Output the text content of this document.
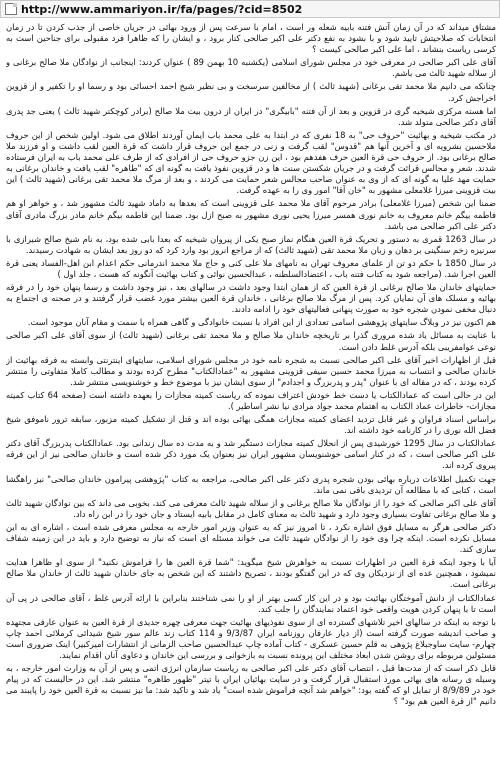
http://www.ammariyon.ir/fa/pages/?cid=8502

مشتاق میداند که در آن زمان آتش فتنه بابیه شعله ور است ، امام با سرعت پس از ورود بهائی در جریان خاصی از جذب کردن تا در زمان انتخابات که صلاحیتش تایید شود و با بشود به نفع دکتر علی اکبر صالحی کنار برود ، و ایشان را که ظاهرا فرد مقبولی برای جناحین است به کرسی ریاست بنشاند ، اما علی اکبر صالحی کیست ؟

آقای علی اکبر صالحی در معرفی خود در مجلس شورای اسلامی (یکشنبه 10 بهمن 89 ) عنوان کردند: اینجانب از نوادگان ملا صالح برغانی و از سلاله شهید ثالث می باشم.

چنانکه می دانیم ملا محمد تقی برغانی (شهید ثالث ) از مخالفین سرسخت و بی نظیر شیخ احمد احسائی بود و رسما او را تکفیر و از قزوین اخراجش کرد.

اما هسته مرکزی شیخیه گری در قزوین و بعد از آن فتنه "بابیگری" در ایران از درون بیت ملا صالح (برادر کوچکتر شهید ثالث ) یعنی جد پدری آقای دکتر صالحی متولد شد.

در مکتب شیخیه و بهائیت "حروف حی" به 18 نفری که در ابتدا به علی محمد باب ایمان آوردند اطلاق می شود. اولین شخص از این حروف ملاحسین بشرویه ای و آخرین آنها هم "قدوس" لقب گرفت و زنی در جمع این حروف قرار داشت که قرة العین لقب داشت و او فرزند ملا صالح برغانی بود. از حروف حی قرة العین حرف هفدهم بود ، این زن جزو حروف حی از افرادی که از طرف علی محمد باب به ایران فرستاده شدند. شعر و مجالس قرائت گرفت و در جریان شکستن سنت ها و در قزوین نفوذ یافت به گونه ای که "طاهره" لقب یافت و خاندان برغانی به حمایت مهد علیا به گونه ای که از وی به عنوان صاحب مجالس شعر حمایت می کردند ، و بعد از مرگ ملا محمد تقی برغانی (شهید ثالث ) این بیت قزوینی میرزا غلامعلی مشهور به "خان آقا" امور وی را به عهده گرفت.

ضمنا این شخص (میرزا غلامعلی) برادر مرحوم آقای ملا محمد علی قزوینی است که بعدها به داماد شهید ثالث مشهور شد ، و خواهر او هم فاطمه بیگم خانم معروف به خانم نوری همسر میرزا یحیی نوری مشهور به صبح ازل بود. ضمنا این فاطمه بیگم خانم مادر بزرگ مادری آقای دکتر علی اکبر صالحی می باشد.

در سال 1263 قمری به دستور و تحریک قرة العین هنگام نماز صبح یکی از پیروان شیخیه که بعدا بابی شده بود، به نام شیخ صالح شیرازی با سرنیزه زخم سنگینی بر دهان و زبان ملا محمد تقی (شهید ثالث) که از مراجع انروز بود وارد کرد که دو روز بعد ایشان به شهادت رسیدند.

در سال 1850 با حکم دو تن از علمای معروف تهران به نامهای ملا علی کنی و حاج ملا محمد اندرمانی حکم اعدام ابن اهل-الفساد یعنی قرة العین اجرا شد. (مراجعه شود به کتاب فتنه باب ، اعتضادالسلطنه ، عبدالحسین نوائی و کتاب بهائیت آنگونه که هست ، جلد اول )

حمایتهای خاندان ملا صالح برغانی از قرة العین که از همان ابتدا وجود داشت در سالهای بعد ، نیز وجود داشت و رسما پنهان خود را در فرقه بهائیه و مسلک های آن نمایان کرد. پس از مرگ ملا صالح برغانی ، خاندان قرة العین بیشتر مورد غضب قرار گرفتند و در صحنه ی اجتماع به دنبال مخفی نمودن شجره خود به صورت پنهانی فعالیتهای خود را ادامه دادند.

هم اکنون نیز در وبلاگ سایتهای پژوهشی اسامی تعدادی از این افراد با نسبت خانوادگی و گاهی همراه با سمت و مقام آنان موجود است.

با عنایت به مسائل یاد شده مروری گذرا بر تاریخچه خاندان ملا صالح و ملا محمد تقی برغانی (شهید ثالث) از سوی آقای علی اکبر صالحی نوعی عوامفریبی بلکه آدرس غلط دادن است.

قبل از اظهارات اخیر آقای علی اکبر صالحی نسبت به شجره نامه خود در مجلس شورای اسلامی، سایتهای اینترنتی وابسته به فرقه بهائیت از خاندان صالحی و انتساب به میرزا محمد حسین سیفی قزوینی مشهور به "عمادالکتاب" مطرح کرده بودند و مطالب کاملا متفاوتی را منتشر کرده بودند ، که در مقاله ای با عنوان "پدر و پدربزرگ و اجدادم" از سوی ایشان نیز با موضوع خط و خوشنویسی منتشر شد.

این در حالی است که عمادالکتاب یا دست خط خودش اعتراف نموده که ریاست کمیته مجازات را بعهده داشته است (صفحه 64 کتاب کمیته مجازات- خاطرات عماد الکتاب به اهتمام محمد جواد مرادی نیا نشر اساطیر ).

براساس اسناد فراوان و غیر قابل تردید اعضای کمیته مجازات همگی بهائی بوده اند و قتل از تشکیل کمیته مزبور، سابقه ترور ناموفق شیخ فضل الله نوری را در کارنامه خود داشته اند.

عمادالکتاب در سال 1295 خورشیدی پس از انحلال کمیته مجازات دستگیر شد و به مدت ده سال زندانی بود. عمادالکتاب پدربزرگ آقای دکتر علی اکبر صالحی است ، که در کنار اسامی خوشنویسان مشهور ایران نیز بعنوان یک مورد ذکر شده است و خاندان صالحی نیز از این فرقه پیروی کرده اند.

جهت تکمیل اطلاعات درباره بهائی بودن شجره پدری دکتر علی اکبر صالحی، مراجعه به کتاب "پژوهشی پیرامون خاندان صالحی" نیز راهگشا است ، کتابی که با مطالعه آن تردیدی باقی نمی ماند.

آقای علی اکبر صالحی که خود را از نوادگان ملا صالح برغانی و از سلاله شهید ثالث معرفی می کند، بخوبی می داند که بین نوادگان شهید ثالث و ملا صالح برغانی تفاوت بسیاری وجود دارد و شهید ثالث به معنای کامل در مقابل بابیه ایستاد و جان خود را در این راه داد.

دکتر صالحی هرگز به مسایل فوق اشاره نکرد ، تا امروز نیز که به عنوان وزیر امور خارجه به مجلس معرفی شده است ، اشاره ای به این مسایل نکرده است. اینکه چرا وی خود را از نوادگان شهید ثالث می خواند مسئله ای است که نیاز به توضیح دارد و باید در این زمینه شفاف سازی کند.

آیا با وجود اینکه قرة العین در اظهارات نسبت به خواهرش شیخ میگوید: "شما قرة العین ها را فراموش نکنید" از سوی او ظاهرا هدایت نمیشود ، همچنین عده ای از نزدیکان وی که در این گفتگو بودند ، تصریح داشتند که این شخص به جای خاندان شهید ثالث از خاندان ملا صالح برغانی است.

عمادالکتاب از دانش آموختگان بهائیت بود و در این کار کسی بهتر از او را نمی شناختند بنابراین با ارائه آدرس غلط ، آقای صالحی در پی آن است تا با پنهان کردن هویت واقعی خود اعتماد نمایندگان را جلب کند.

با توجه به اینکه در سالهای اخیر تلاشهای گسترده ای از سوی نفوذیهای بهائیت جهت معرفی چهره جدیدی از قرة العین به عنوان عارفی مجتهده و صاحب اندیشه صورت گرفته است (از دیار عارفان روزنامه ایران 9/3/87 و 114 کتاب زند عالم سور شیخ شیدائی کرملائی احمد چاپ چهارم- سایت ساوجبلاغ پژوهی به قلم حسین عسکری - کتاب آماده چاپ عبدالحسین صاحب الزمانی از انتشارات امیرکبیر) اینک ضروری است مسئولین مربوطه برای روشن شدن ابعاد مختلف این پرونده نسبت به بازخوانی و بررسی این خاندان و دعاوی آنان اقدام نمایند.

قابل ذکر است که از مدت‌ها قبل ، انتصاب آقای دکتر علی اکبر صالحی به ریاست سازمان انرژی اتمی و پس از آن به وزارت امور خارجه ، به وسیله ی رسانه های بهائی مورد استقبال قرار گرفت و در سایت بهائیان ایران با تیتر "ظهور طاهره" منتشر شد. این در حالیست که در پیام خود در 8/9/89 از تمایل او که گفته بود: "خواهم شد آنچه فراموش شده است" یاد شد و تاکید شد: ما نیز نسبت به قرة العین خود را پایبند می دانیم "از قرة العین هم بود" ؟
